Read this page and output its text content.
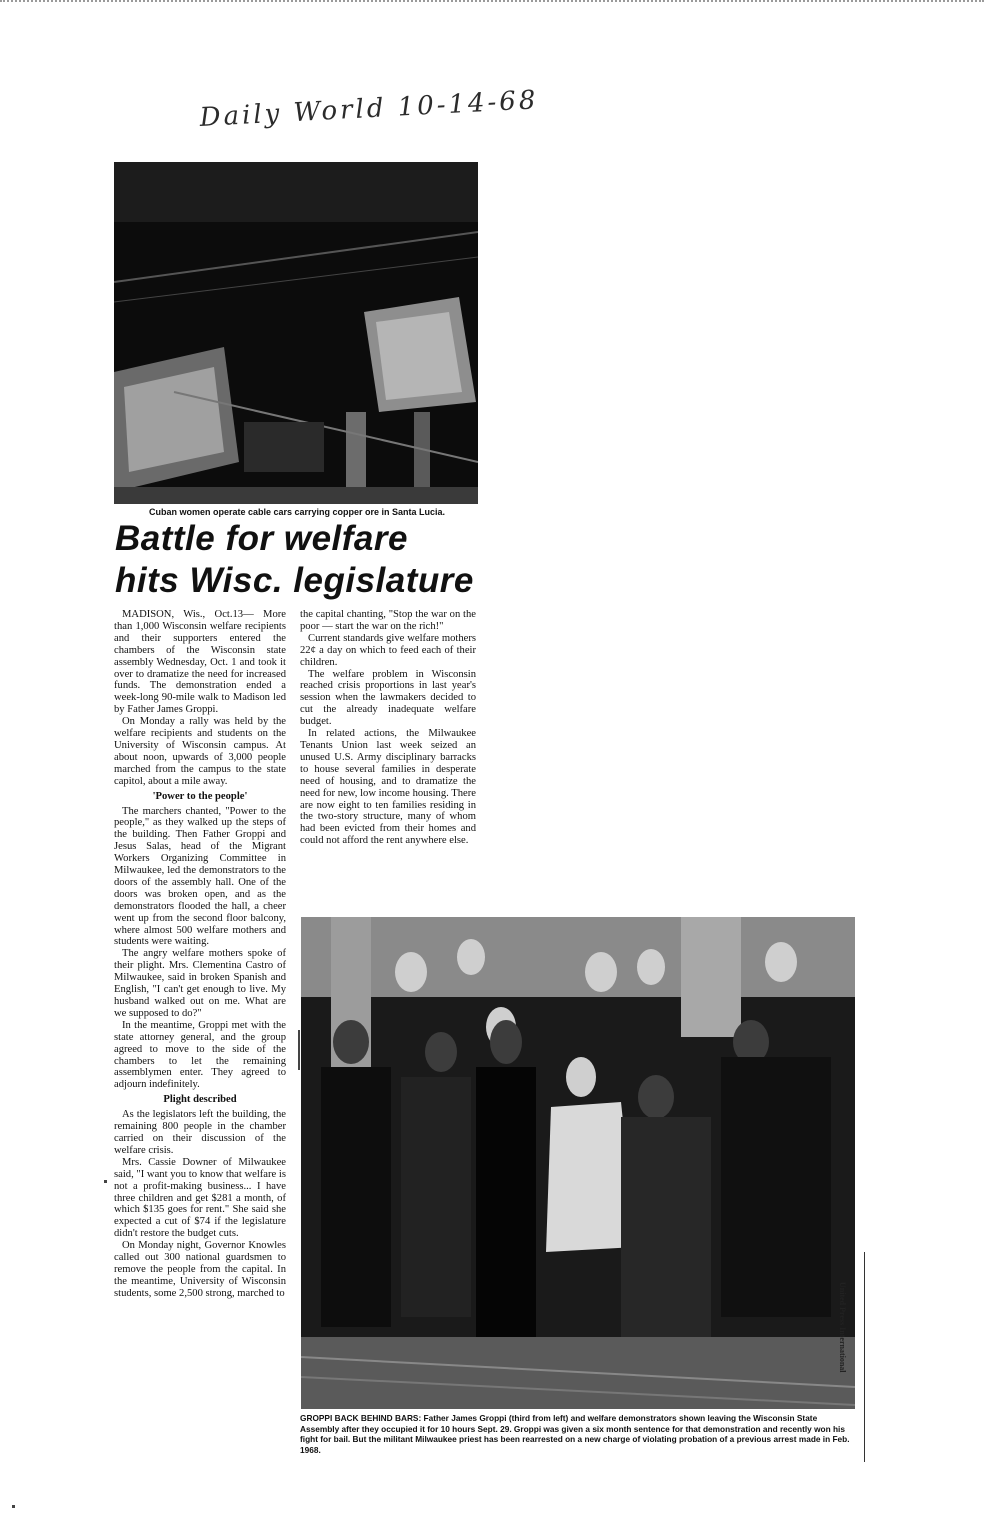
Daily World 10-14-68
Cuban women operate cable cars carrying copper ore in Santa Lucia.
Battle for welfare
hits Wisc. legislature

MADISON, Wis., Oct.13— More than 1,000 Wisconsin welfare recipients and their supporters entered the chambers of the Wisconsin state assembly Wednesday, Oct. 1 and took it over to dramatize the need for increased funds. The demonstration ended a week-long 90-mile walk to Madison led by Father James Groppi.

On Monday a rally was held by the welfare recipients and students on the University of Wisconsin campus. At about noon, upwards of 3,000 people marched from the campus to the state capitol, about a mile away.

'Power to the people'

The marchers chanted, "Power to the people," as they walked up the steps of the building. Then Father Groppi and Jesus Salas, head of the Migrant Workers Organizing Committee in Milwaukee, led the demonstrators to the doors of the assembly hall. One of the doors was broken open, and as the demonstrators flooded the hall, a cheer went up from the second floor balcony, where almost 500 welfare mothers and students were waiting.

The angry welfare mothers spoke of their plight. Mrs. Clementina Castro of Milwaukee, said in broken Spanish and English, "I can't get enough to live. My husband walked out on me. What are we supposed to do?"

In the meantime, Groppi met with the state attorney general, and the group agreed to move to the side of the chambers to let the remaining assemblymen enter. They agreed to adjourn indefinitely.

Plight described

As the legislators left the building, the remaining 800 people in the chamber carried on their discussion of the welfare crisis.

Mrs. Cassie Downer of Milwaukee said, "I want you to know that welfare is not a profit-making business... I have three children and get $281 a month, of which $135 goes for rent." She said she expected a cut of $74 if the legislature didn't restore the budget cuts.

On Monday night, Governor Knowles called out 300 national guardsmen to remove the people from the capital. In the meantime, University of Wisconsin students, some 2,500 strong, marched to

the capital chanting, "Stop the war on the poor — start the war on the rich!"

Current standards give welfare mothers 22¢ a day on which to feed each of their children.

The welfare problem in Wisconsin reached crisis proportions in last year's session when the lawmakers decided to cut the already inadequate welfare budget.

In related actions, the Milwaukee Tenants Union last week seized an unused U.S. Army disciplinary barracks to house several families in desperate need of housing, and to dramatize the need for new, low income housing. There are now eight to ten families residing in the two-story structure, many of whom had been evicted from their homes and could not afford the rent anywhere else.

United Press International
GROPPI BACK BEHIND BARS: Father James Groppi (third from left) and welfare demonstrators shown leaving the Wisconsin State Assembly after they occupied it for 10 hours Sept. 29. Groppi was given a six month sentence for that demonstration and recently won his fight for bail. But the militant Milwaukee priest has been rearrested on a new charge of violating probation of a previous arrest made in Feb. 1968.
